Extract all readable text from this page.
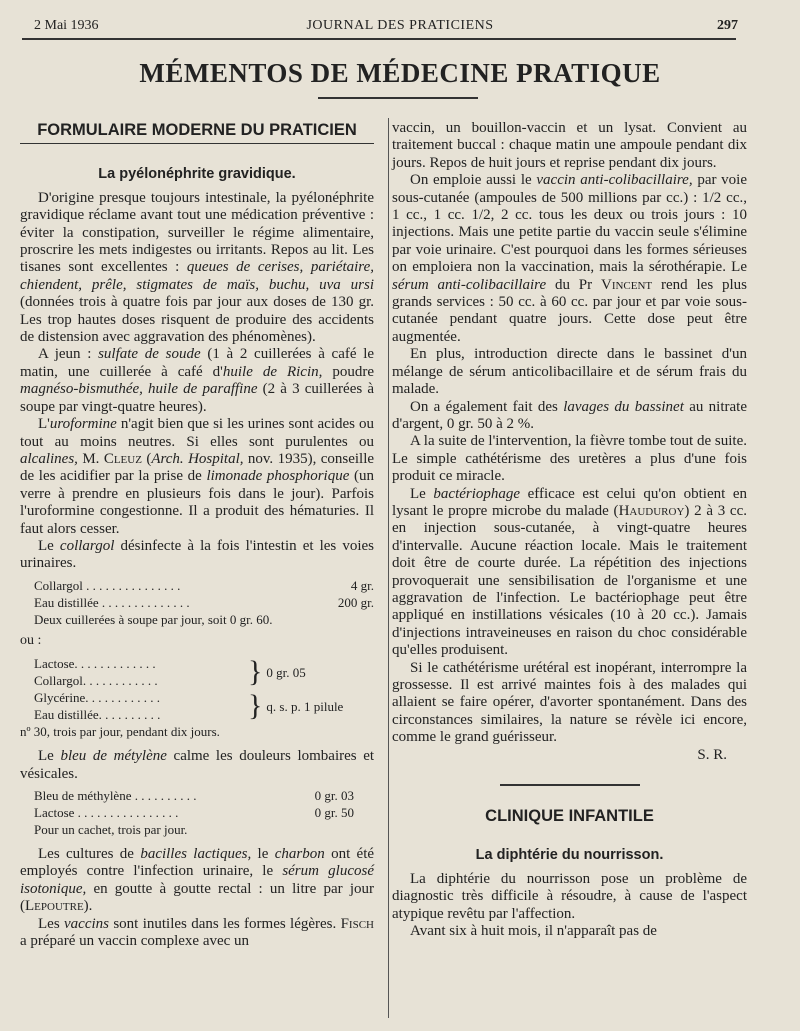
2 Mai 1936	JOURNAL DES PRATICIENS	297
MÉMENTOS DE MÉDECINE PRATIQUE
FORMULAIRE MODERNE DU PRATICIEN
La pyélonéphrite gravidique.

D'origine presque toujours intestinale, la pyélonéphrite gravidique réclame avant tout une médication préventive : éviter la constipation, surveiller le régime alimentaire, proscrire les mets indigestes ou irritants. Repos au lit. Les tisanes sont excellentes : queues de cerises, pariétaire, chiendent, prêle, stigmates de maïs, buchu, uva ursi (données trois à quatre fois par jour aux doses de 130 gr. Les trop hautes doses risquent de produire des accidents de distension avec aggravation des phénomènes).

A jeun : sulfate de soude (1 à 2 cuillerées à café le matin, une cuillerée à café d'huile de Ricin, poudre magnéso-bismuthée, huile de paraffine (2 à 3 cuillerées à soupe par vingt-quatre heures).

L'uroformine n'agit bien que si les urines sont acides ou tout au moins neutres. Si elles sont purulentes ou alcalines, M. Cleuz (Arch. Hospital, nov. 1935), conseille de les acidifier par la prise de limonade phosphorique (un verre à prendre en plusieurs fois dans le jour). Parfois l'uroformine congestionne. Il a produit des hématuries. Il faut alors cesser.

Le collargol désinfecte à la fois l'intestin et les voies urinaires.

Collargol . . . . . . . . . . . . . . .	4 gr.
Eau distillée . . . . . . . . . . . . . .	200 gr.
Deux cuillerées à soupe par jour, soit 0 gr. 60.
ou :
Lactose. . . . . . . . . . . . .
Collargol. . . . . . . . . . . .	} 0 gr. 05
Glycérine. . . . . . . . . . . .
Eau distillée. . . . . . . . . .	} q. s. p. 1 pilule
nº 30, trois par jour, pendant dix jours.

Le bleu de métylène calme les douleurs lombaires et vésicales.

Bleu de méthylène . . . . . . . . . .	0 gr. 03
Lactose . . . . . . . . . . . . . . . .	0 gr. 50
Pour un cachet, trois par jour.

Les cultures de bacilles lactiques, le charbon ont été employés contre l'infection urinaire, le sérum glucosé isotonique, en goutte à goutte rectal : un litre par jour (Lepoutre).

Les vaccins sont inutiles dans les formes légères. Fisch a préparé un vaccin complexe avec un

vaccin, un bouillon-vaccin et un lysat. Convient au traitement buccal : chaque matin une ampoule pendant dix jours. Repos de huit jours et reprise pendant dix jours.

On emploie aussi le vaccin anti-colibacillaire, par voie sous-cutanée (ampoules de 500 millions par cc.) : 1/2 cc., 1 cc., 1 cc. 1/2, 2 cc. tous les deux ou trois jours : 10 injections. Mais une petite partie du vaccin seule s'élimine par voie urinaire. C'est pourquoi dans les formes sérieuses on emploiera non la vaccination, mais la sérothérapie. Le sérum anti-colibacillaire du Pr Vincent rend les plus grands services : 50 cc. à 60 cc. par jour et par voie sous-cutanée pendant quatre jours. Cette dose peut être augmentée.

En plus, introduction directe dans le bassinet d'un mélange de sérum anticolibacillaire et de sérum frais du malade.

On a également fait des lavages du bassinet au nitrate d'argent, 0 gr. 50 à 2 %.

A la suite de l'intervention, la fièvre tombe tout de suite. Le simple cathétérisme des uretères a plus d'une fois produit ce miracle.

Le bactériophage efficace est celui qu'on obtient en lysant le propre microbe du malade (Hauduroy) 2 à 3 cc. en injection sous-cutanée, à vingt-quatre heures d'intervalle. Aucune réaction locale. Mais le traitement doit être de courte durée. La répétition des injections provoquerait une sensibilisation de l'organisme et une aggravation de l'infection. Le bactériophage peut être appliqué en instillations vésicales (10 à 20 cc.). Jamais d'injections intraveineuses en raison du choc considérable qu'elles produisent.

Si le cathétérisme urétéral est inopérant, interrompre la grossesse. Il est arrivé maintes fois à des malades qui allaient se faire opérer, d'avorter spontanément. Dans des circonstances similaires, la nature se révèle ici encore, comme le grand guérisseur.

S. R.
CLINIQUE INFANTILE
La diphtérie du nourrisson.

La diphtérie du nourrisson pose un problème de diagnostic très difficile à résoudre, à cause de l'aspect atypique revêtu par l'affection.

Avant six à huit mois, il n'apparaît pas de
